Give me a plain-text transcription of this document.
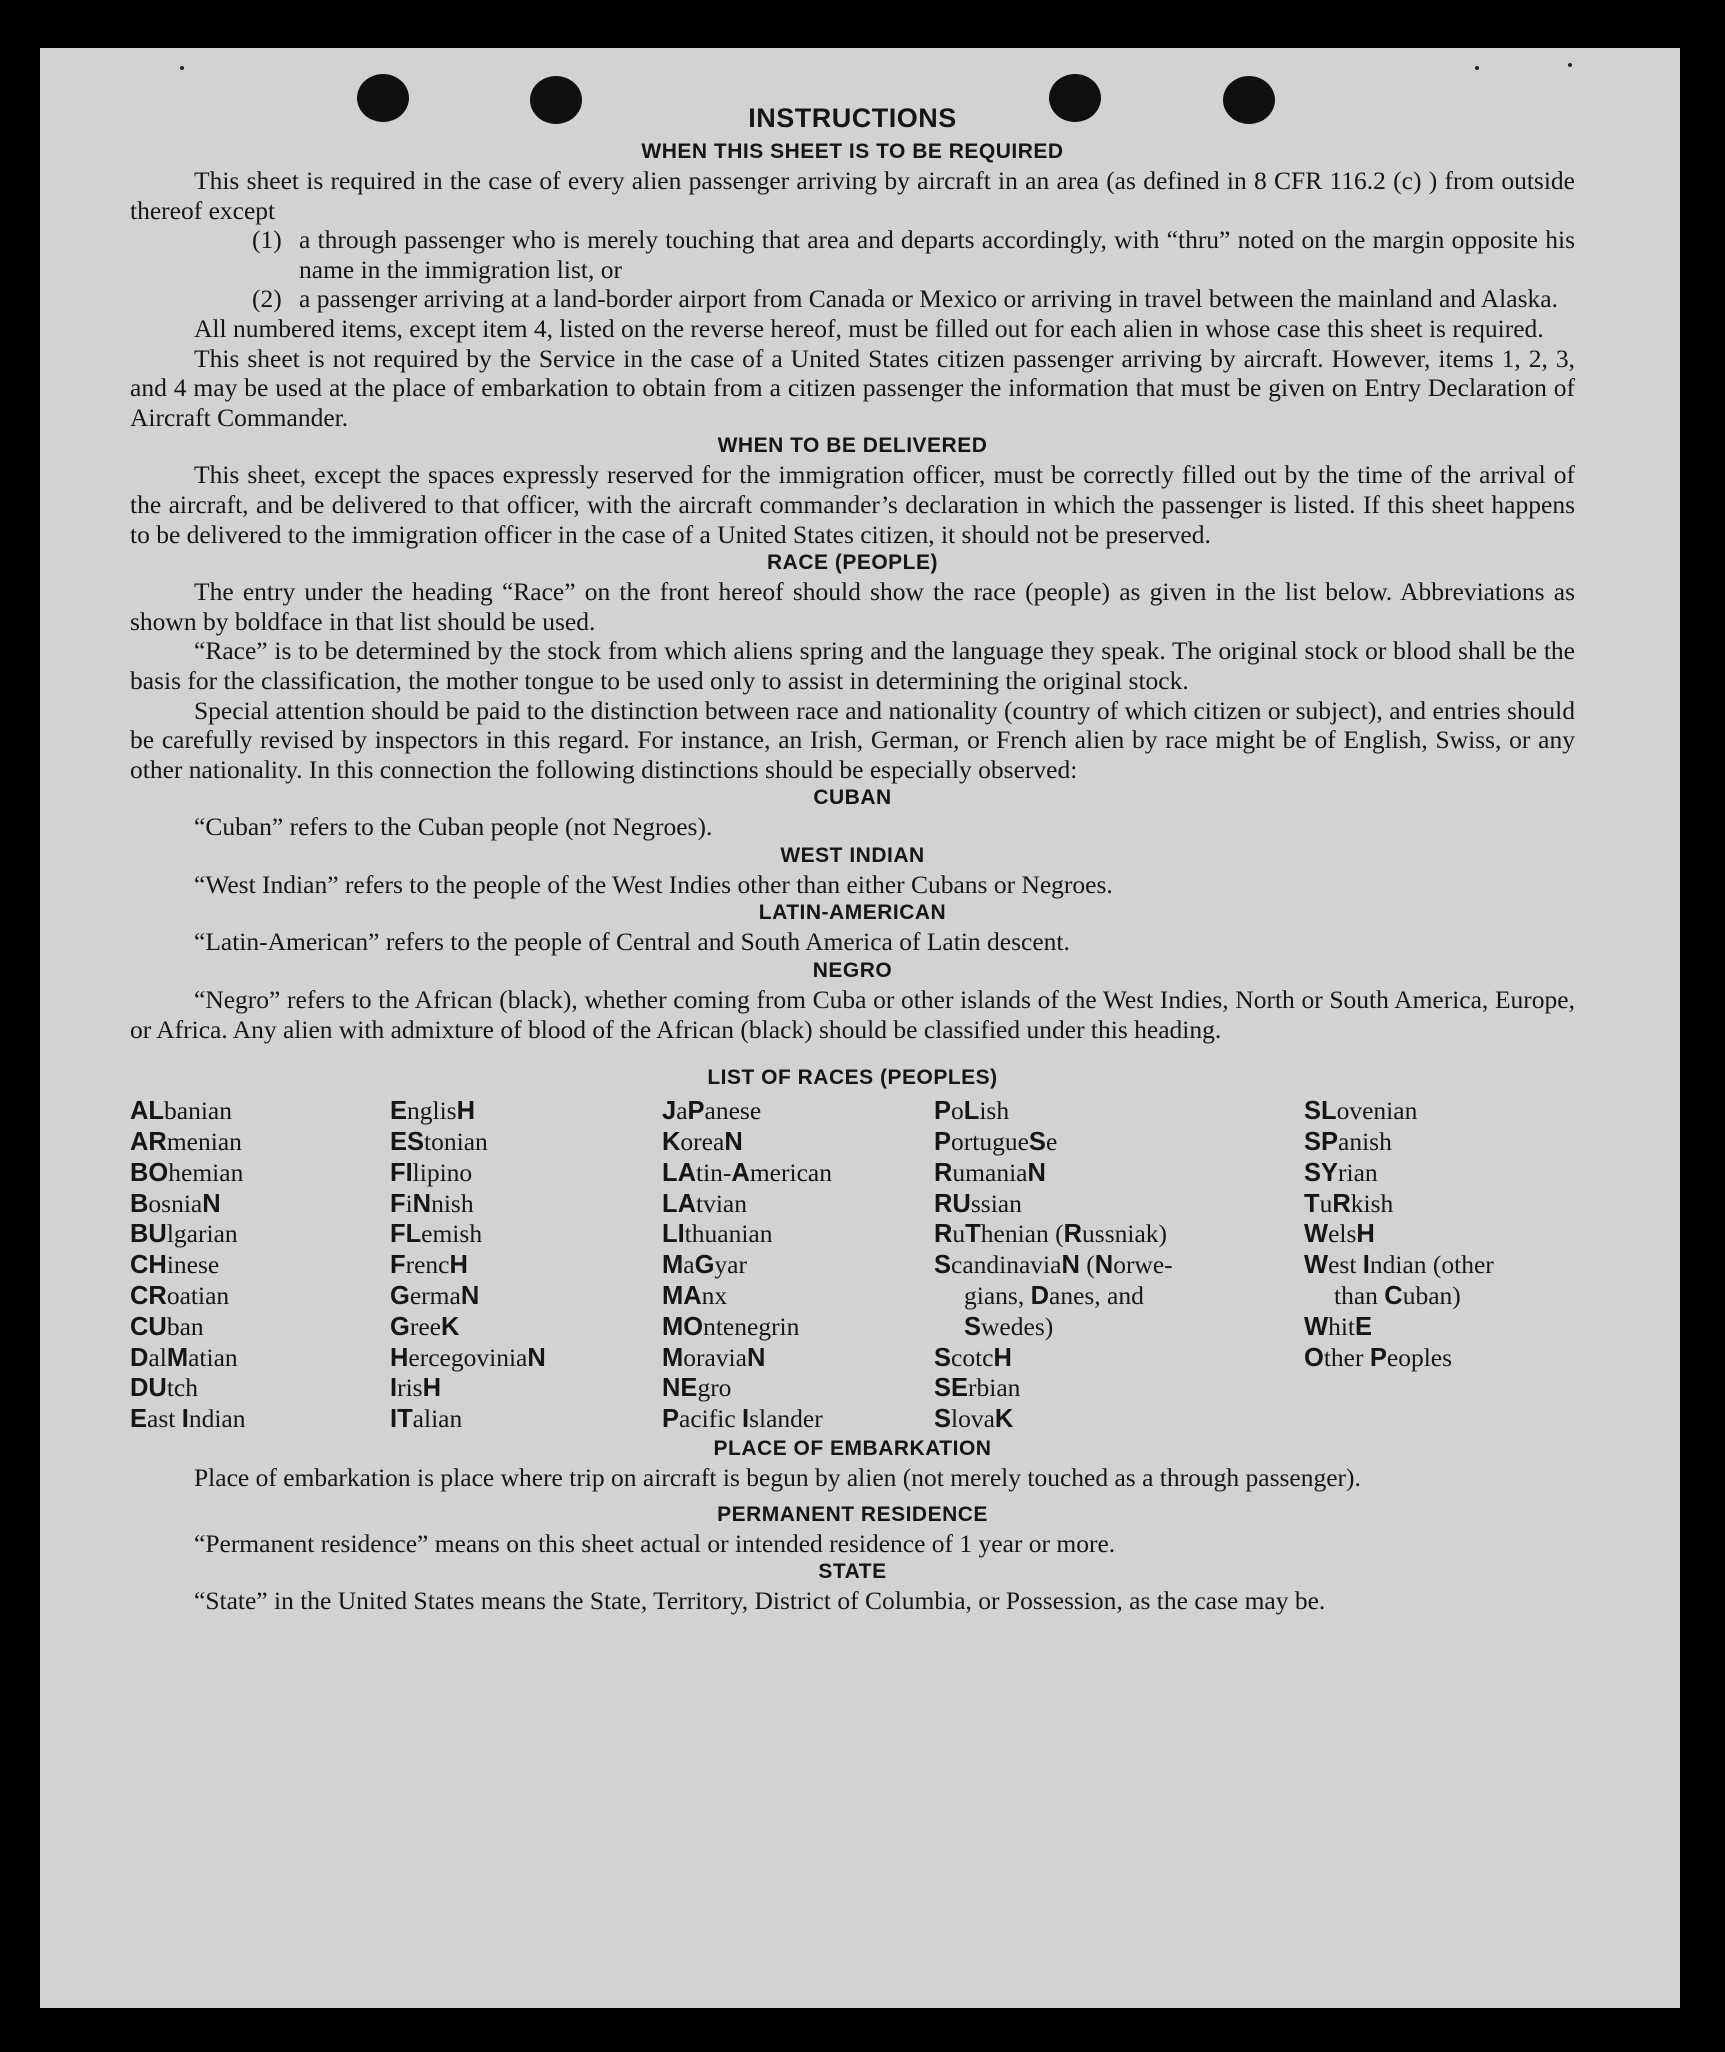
INSTRUCTIONS
WHEN THIS SHEET IS TO BE REQUIRED

This sheet is required in the case of every alien passenger arriving by aircraft in an area (as defined in 8 CFR 116.2 (c) ) from outside thereof except

(1) a through passenger who is merely touching that area and departs accordingly, with “thru” noted on the margin opposite his name in the immigration list, or
(2) a passenger arriving at a land-border airport from Canada or Mexico or arriving in travel between the mainland and Alaska.

All numbered items, except item 4, listed on the reverse hereof, must be filled out for each alien in whose case this sheet is required.

This sheet is not required by the Service in the case of a United States citizen passenger arriving by aircraft. However, items 1, 2, 3, and 4 may be used at the place of embarkation to obtain from a citizen passenger the information that must be given on Entry Declaration of Aircraft Commander.

WHEN TO BE DELIVERED

This sheet, except the spaces expressly reserved for the immigration officer, must be correctly filled out by the time of the arrival of the aircraft, and be delivered to that officer, with the aircraft commander’s declaration in which the passenger is listed. If this sheet happens to be delivered to the immigration officer in the case of a United States citizen, it should not be preserved.

RACE (PEOPLE)

The entry under the heading “Race” on the front hereof should show the race (people) as given in the list below. Abbreviations as shown by boldface in that list should be used.

“Race” is to be determined by the stock from which aliens spring and the language they speak. The original stock or blood shall be the basis for the classification, the mother tongue to be used only to assist in determining the original stock.

Special attention should be paid to the distinction between race and nationality (country of which citizen or subject), and entries should be carefully revised by inspectors in this regard. For instance, an Irish, German, or French alien by race might be of English, Swiss, or any other nationality. In this connection the following distinctions should be especially observed:

CUBAN

“Cuban” refers to the Cuban people (not Negroes).

WEST INDIAN

“West Indian” refers to the people of the West Indies other than either Cubans or Negroes.

LATIN-AMERICAN

“Latin-American” refers to the people of Central and South America of Latin descent.

NEGRO

“Negro” refers to the African (black), whether coming from Cuba or other islands of the West Indies, North or South America, Europe, or Africa. Any alien with admixture of blood of the African (black) should be classified under this heading.

LIST OF RACES (PEOPLES)
ALbanian
ARmenian
BOhemian
BosniaN
BUlgarian
CHinese
CRoatian
CUban
DalMatian
DUtch
East Indian
EnglisH
EStonian
FIlipino
FiNnish
FLemish
FrencH
GermaN
GreeK
HercegoviniaN
IrisH
ITalian
JaPanese
KoreaN
LAtin-American
LAtvian
LIthuanian
MaGyar
MAnx
MOntenegrin
MoraviaN
NEgro
Pacific Islander
PoLish
PortugueSe
RumaniaN
RUssian
RuThenian (Russniak)
ScandinaviaN (Norwe-
gians, Danes, and
Swedes)
ScotcH
SErbian
SlovaK
SLovenian
SPanish
SYrian
TuRkish
WelsH
West Indian (other
than Cuban)
WhitE
Other Peoples
PLACE OF EMBARKATION

Place of embarkation is place where trip on aircraft is begun by alien (not merely touched as a through passenger).

PERMANENT RESIDENCE

“Permanent residence” means on this sheet actual or intended residence of 1 year or more.

STATE

“State” in the United States means the State, Territory, District of Columbia, or Possession, as the case may be.
